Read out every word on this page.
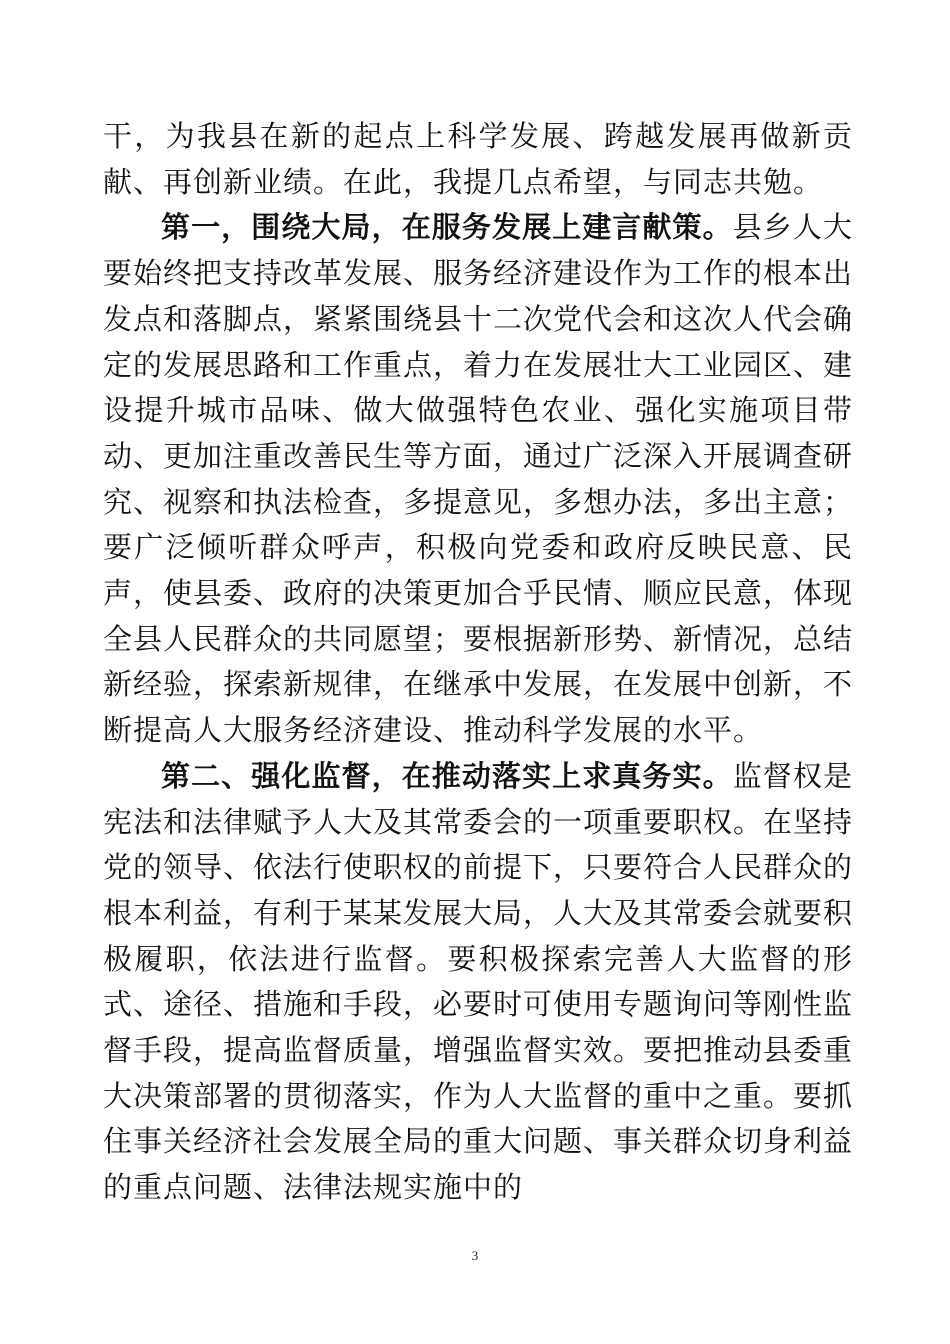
干，为我县在新的起点上科学发展、跨越发展再做新贡献、再创新业绩。在此，我提几点希望，与同志共勉。

第一，围绕大局，在服务发展上建言献策。县乡人大要始终把支持改革发展、服务经济建设作为工作的根本出发点和落脚点，紧紧围绕县十二次党代会和这次人代会确定的发展思路和工作重点，着力在发展壮大工业园区、建设提升城市品味、做大做强特色农业、强化实施项目带动、更加注重改善民生等方面，通过广泛深入开展调查研究、视察和执法检查，多提意见，多想办法，多出主意；要广泛倾听群众呼声，积极向党委和政府反映民意、民声，使县委、政府的决策更加合乎民情、顺应民意，体现全县人民群众的共同愿望；要根据新形势、新情况，总结新经验，探索新规律，在继承中发展，在发展中创新，不断提高人大服务经济建设、推动科学发展的水平。

第二、强化监督，在推动落实上求真务实。监督权是宪法和法律赋予人大及其常委会的一项重要职权。在坚持党的领导、依法行使职权的前提下，只要符合人民群众的根本利益，有利于某某发展大局，人大及其常委会就要积极履职，依法进行监督。要积极探索完善人大监督的形式、途径、措施和手段，必要时可使用专题询问等刚性监督手段，提高监督质量，增强监督实效。要把推动县委重大决策部署的贯彻落实，作为人大监督的重中之重。要抓住事关经济社会发展全局的重大问题、事关群众切身利益的重点问题、法律法规实施中的

3
